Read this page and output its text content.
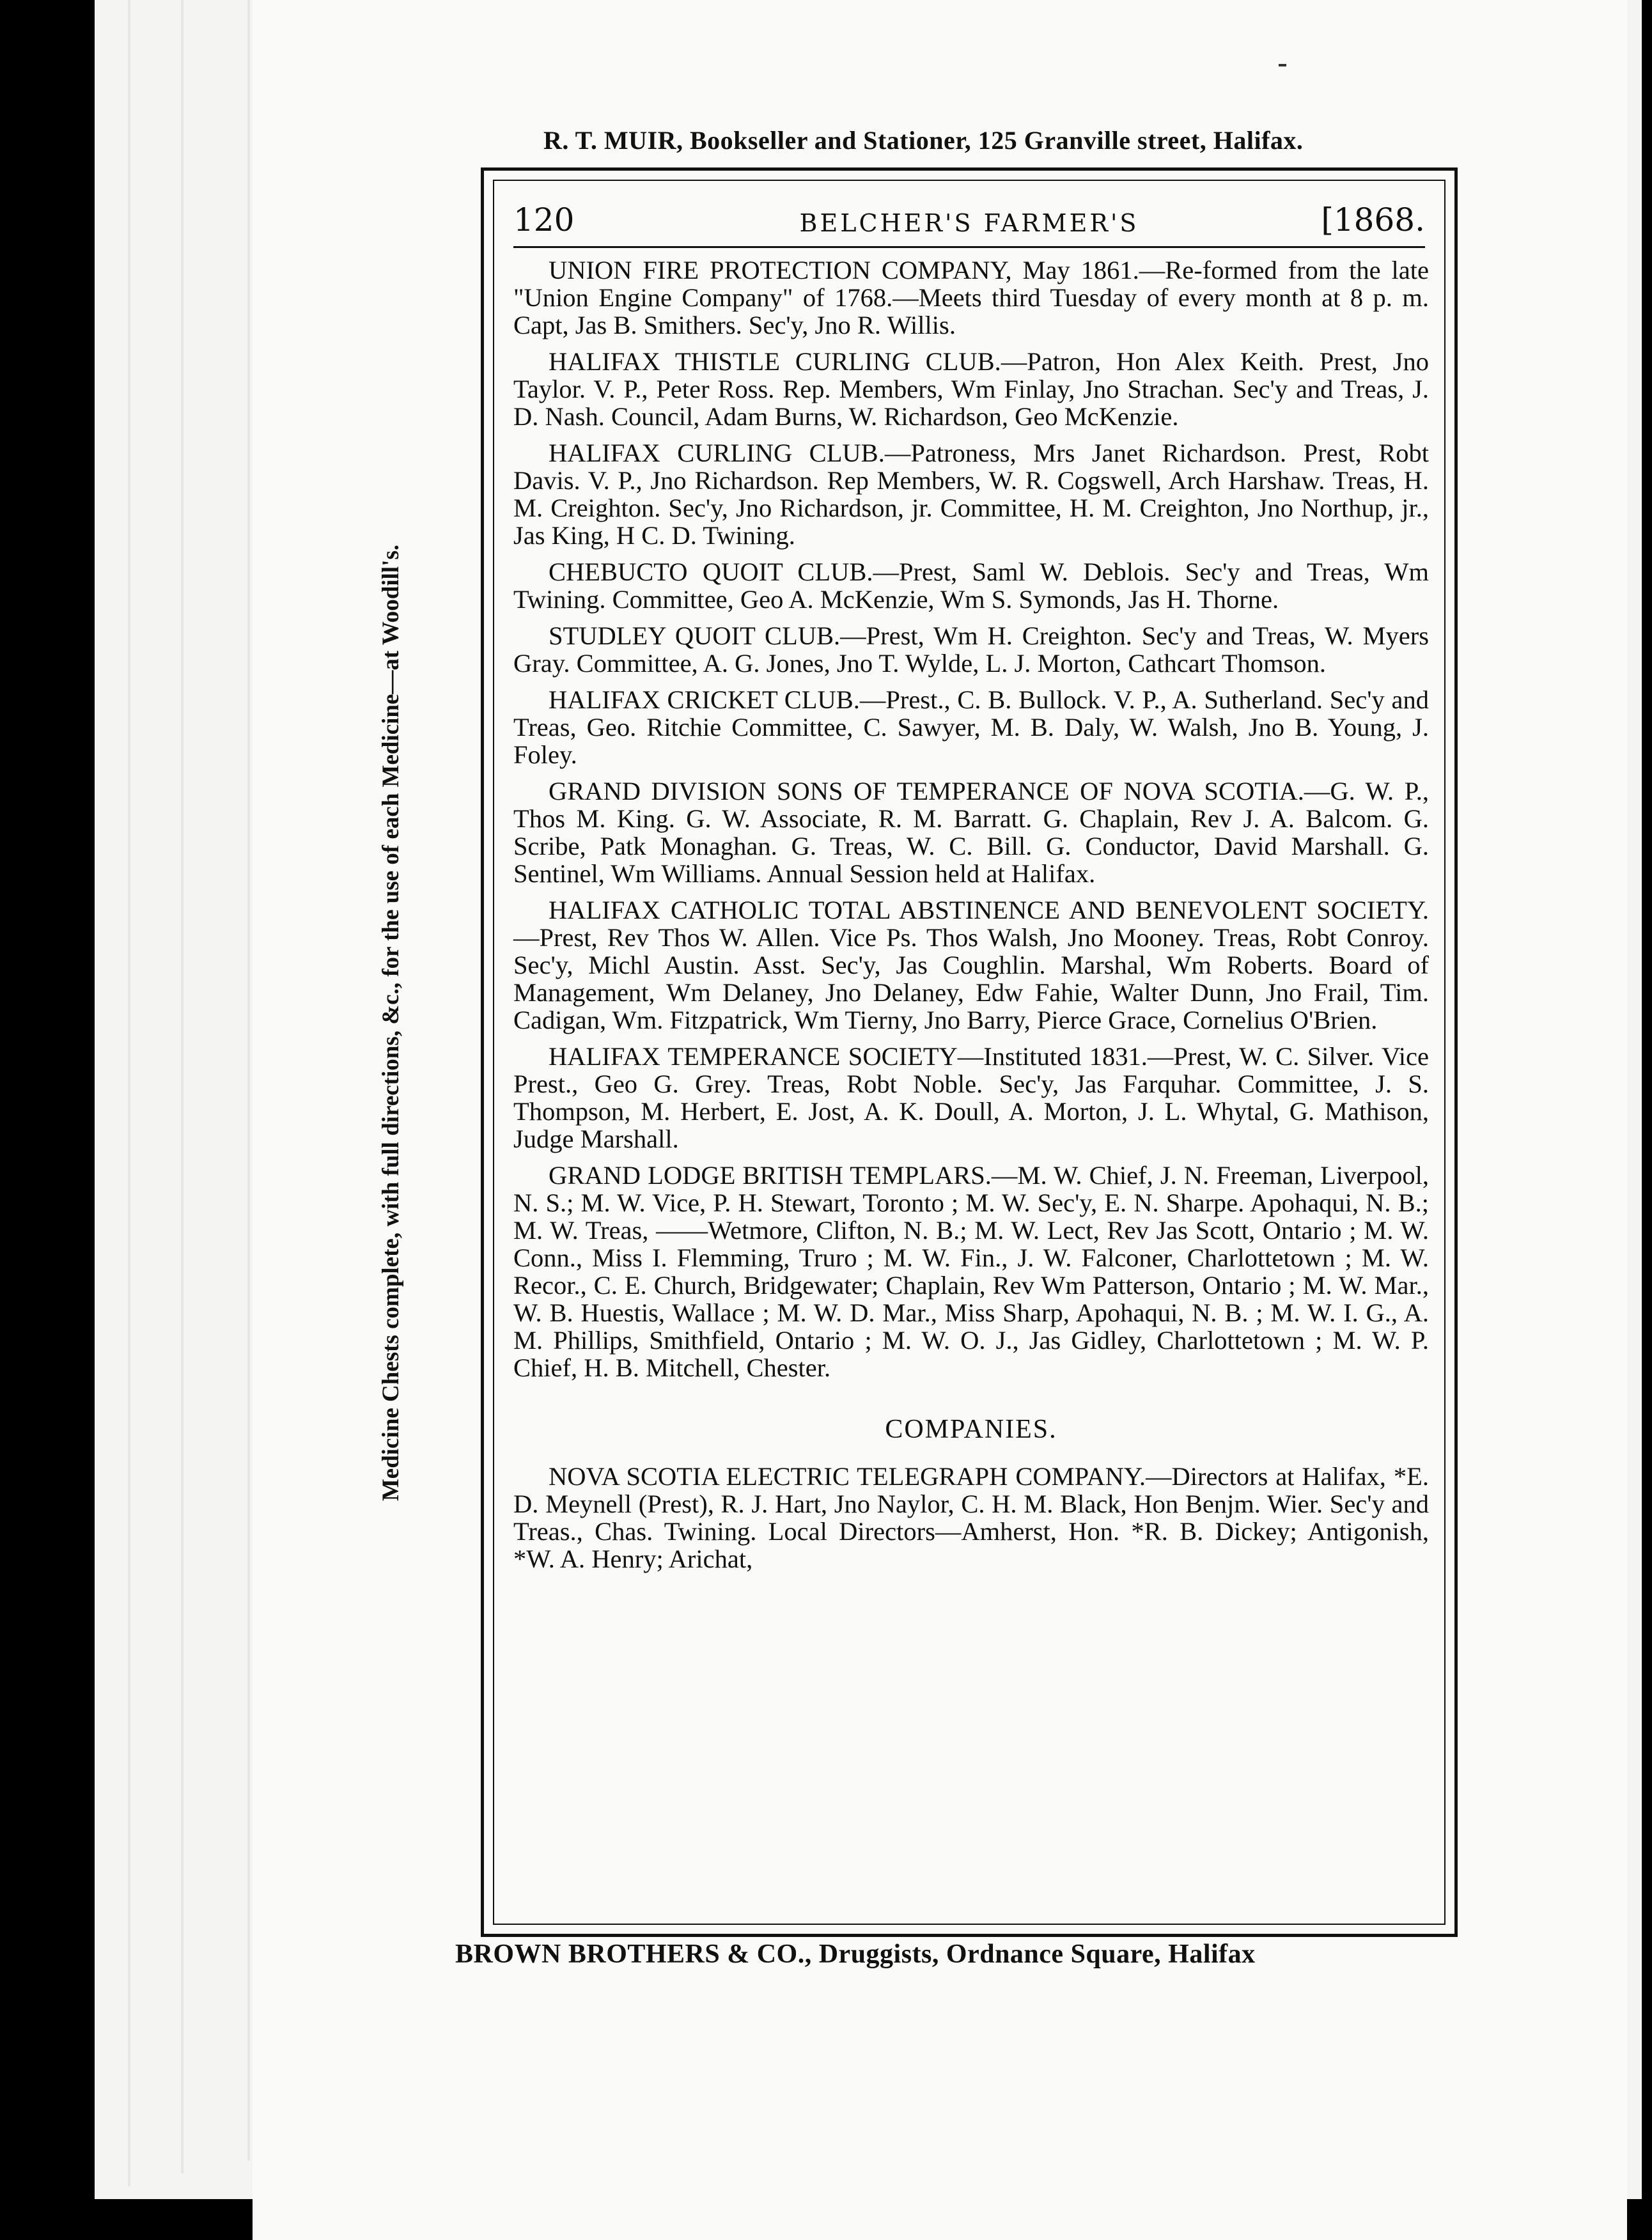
R. T. MUIR, Bookseller and Stationer, 125 Granville street, Halifax.
Medicine Chests complete, with full directions, &c., for the use of each Medicine—at Woodill's.
120	BELCHER'S FARMER'S	[1868.

UNION FIRE PROTECTION COMPANY, May 1861.—Re-formed from the late "Union Engine Company" of 1768.—Meets third Tuesday of every month at 8 p. m. Capt, Jas B. Smithers. Sec'y, Jno R. Willis.

HALIFAX THISTLE CURLING CLUB.—Patron, Hon Alex Keith. Prest, Jno Taylor. V. P., Peter Ross. Rep. Members, Wm Finlay, Jno Strachan. Sec'y and Treas, J. D. Nash. Council, Adam Burns, W. Richardson, Geo McKenzie.

HALIFAX CURLING CLUB.—Patroness, Mrs Janet Richardson. Prest, Robt Davis. V. P., Jno Richardson. Rep Members, W. R. Cogswell, Arch Harshaw. Treas, H. M. Creighton. Sec'y, Jno Richardson, jr. Committee, H. M. Creighton, Jno Northup, jr., Jas King, H C. D. Twining.

CHEBUCTO QUOIT CLUB.—Prest, Saml W. Deblois. Sec'y and Treas, Wm Twining. Committee, Geo A. McKenzie, Wm S. Symonds, Jas H. Thorne.

STUDLEY QUOIT CLUB.—Prest, Wm H. Creighton. Sec'y and Treas, W. Myers Gray. Committee, A. G. Jones, Jno T. Wylde, L. J. Morton, Cathcart Thomson.

HALIFAX CRICKET CLUB.—Prest., C. B. Bullock. V. P., A. Sutherland. Sec'y and Treas, Geo. Ritchie Committee, C. Sawyer, M. B. Daly, W. Walsh, Jno B. Young, J. Foley.

GRAND DIVISION SONS OF TEMPERANCE OF NOVA SCOTIA.—G. W. P., Thos M. King. G. W. Associate, R. M. Barratt. G. Chaplain, Rev J. A. Balcom. G. Scribe, Patk Monaghan. G. Treas, W. C. Bill. G. Conductor, David Marshall. G. Sentinel, Wm Williams. Annual Session held at Halifax.

HALIFAX CATHOLIC TOTAL ABSTINENCE AND BENEVOLENT SOCIETY.—Prest, Rev Thos W. Allen. Vice Ps. Thos Walsh, Jno Mooney. Treas, Robt Conroy. Sec'y, Michl Austin. Asst. Sec'y, Jas Coughlin. Marshal, Wm Roberts. Board of Management, Wm Delaney, Jno Delaney, Edw Fahie, Walter Dunn, Jno Frail, Tim. Cadigan, Wm. Fitzpatrick, Wm Tierny, Jno Barry, Pierce Grace, Cornelius O'Brien.

HALIFAX TEMPERANCE SOCIETY—Instituted 1831.—Prest, W. C. Silver. Vice Prest., Geo G. Grey. Treas, Robt Noble. Sec'y, Jas Farquhar. Committee, J. S. Thompson, M. Herbert, E. Jost, A. K. Doull, A. Morton, J. L. Whytal, G. Mathison, Judge Marshall.

GRAND LODGE BRITISH TEMPLARS.—M. W. Chief, J. N. Freeman, Liverpool, N. S.; M. W. Vice, P. H. Stewart, Toronto ; M. W. Sec'y, E. N. Sharpe. Apohaqui, N. B.; M. W. Treas, ——Wetmore, Clifton, N. B.; M. W. Lect, Rev Jas Scott, Ontario ; M. W. Conn., Miss I. Flemming, Truro ; M. W. Fin., J. W. Falconer, Charlottetown ; M. W. Recor., C. E. Church, Bridgewater; Chaplain, Rev Wm Patterson, Ontario ; M. W. Mar., W. B. Huestis, Wallace ; M. W. D. Mar., Miss Sharp, Apohaqui, N. B. ; M. W. I. G., A. M. Phillips, Smithfield, Ontario ; M. W. O. J., Jas Gidley, Charlottetown ; M. W. P. Chief, H. B. Mitchell, Chester.

COMPANIES.

NOVA SCOTIA ELECTRIC TELEGRAPH COMPANY.—Directors at Halifax, *E. D. Meynell (Prest), R. J. Hart, Jno Naylor, C. H. M. Black, Hon Benjm. Wier. Sec'y and Treas., Chas. Twining. Local Directors—Amherst, Hon. *R. B. Dickey; Antigonish, *W. A. Henry; Arichat,

BROWN BROTHERS & CO., Druggists, Ordnance Square, Halifax
